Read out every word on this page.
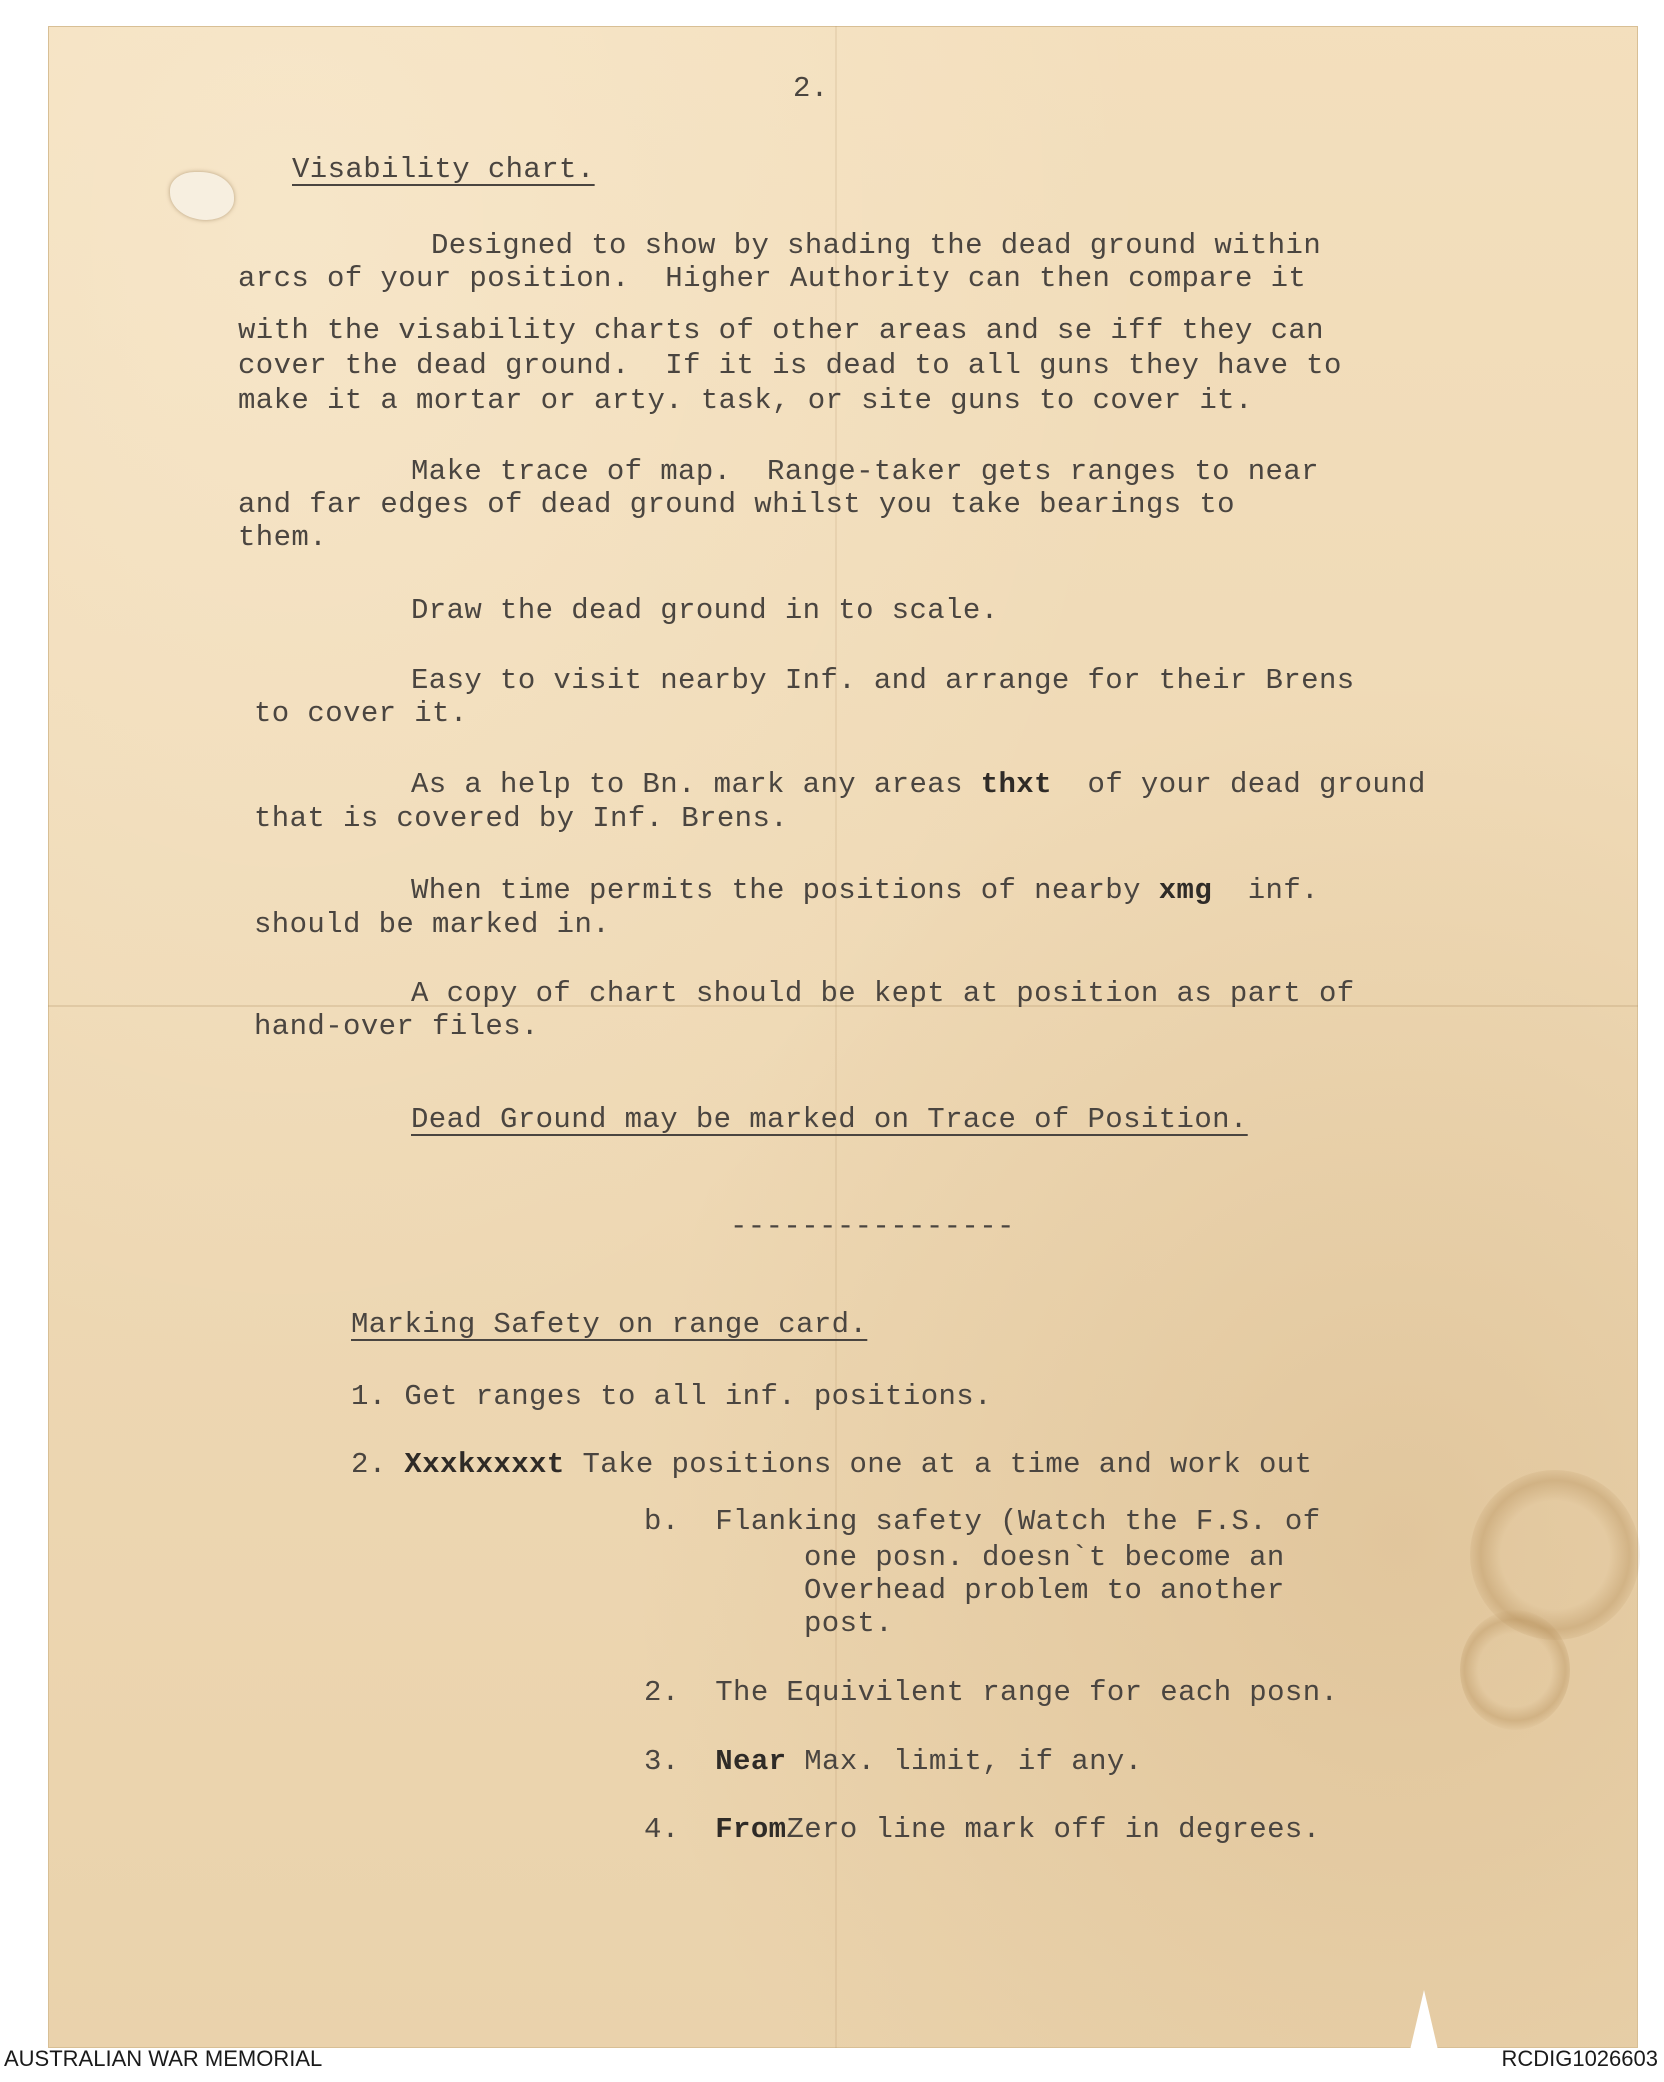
2.

Visability chart.

Designed to show by shading the dead ground within

arcs of your position.  Higher Authority can then compare it

with the visability charts of other areas and se iff they can

cover the dead ground.  If it is dead to all guns they have to

make it a mortar or arty. task, or site guns to cover it.

Make trace of map.  Range-taker gets ranges to near

and far edges of dead ground whilst you take bearings to

them.

Draw the dead ground in to scale.

Easy to visit nearby Inf. and arrange for their Brens

to cover it.

As a help to Bn. mark any areas thxt  of your dead ground

that is covered by Inf. Brens.

When time permits the positions of nearby xmg  inf.

should be marked in.

A copy of chart should be kept at position as part of

hand-over files.

Dead Ground may be marked on Trace of Position.

----------------

Marking Safety on range card.

1. Get ranges to all inf. positions.

2. Xxxkxxxxt Take positions one at a time and work out

b.  Flanking safety (Watch the F.S. of

one posn. doesn`t become an

Overhead problem to another

post.

2.  The Equivilent range for each posn.

3.  Near Max. limit, if any.

4.  FromZero line mark off in degrees.

AUSTRALIAN WAR MEMORIAL	RCDIG1026603
